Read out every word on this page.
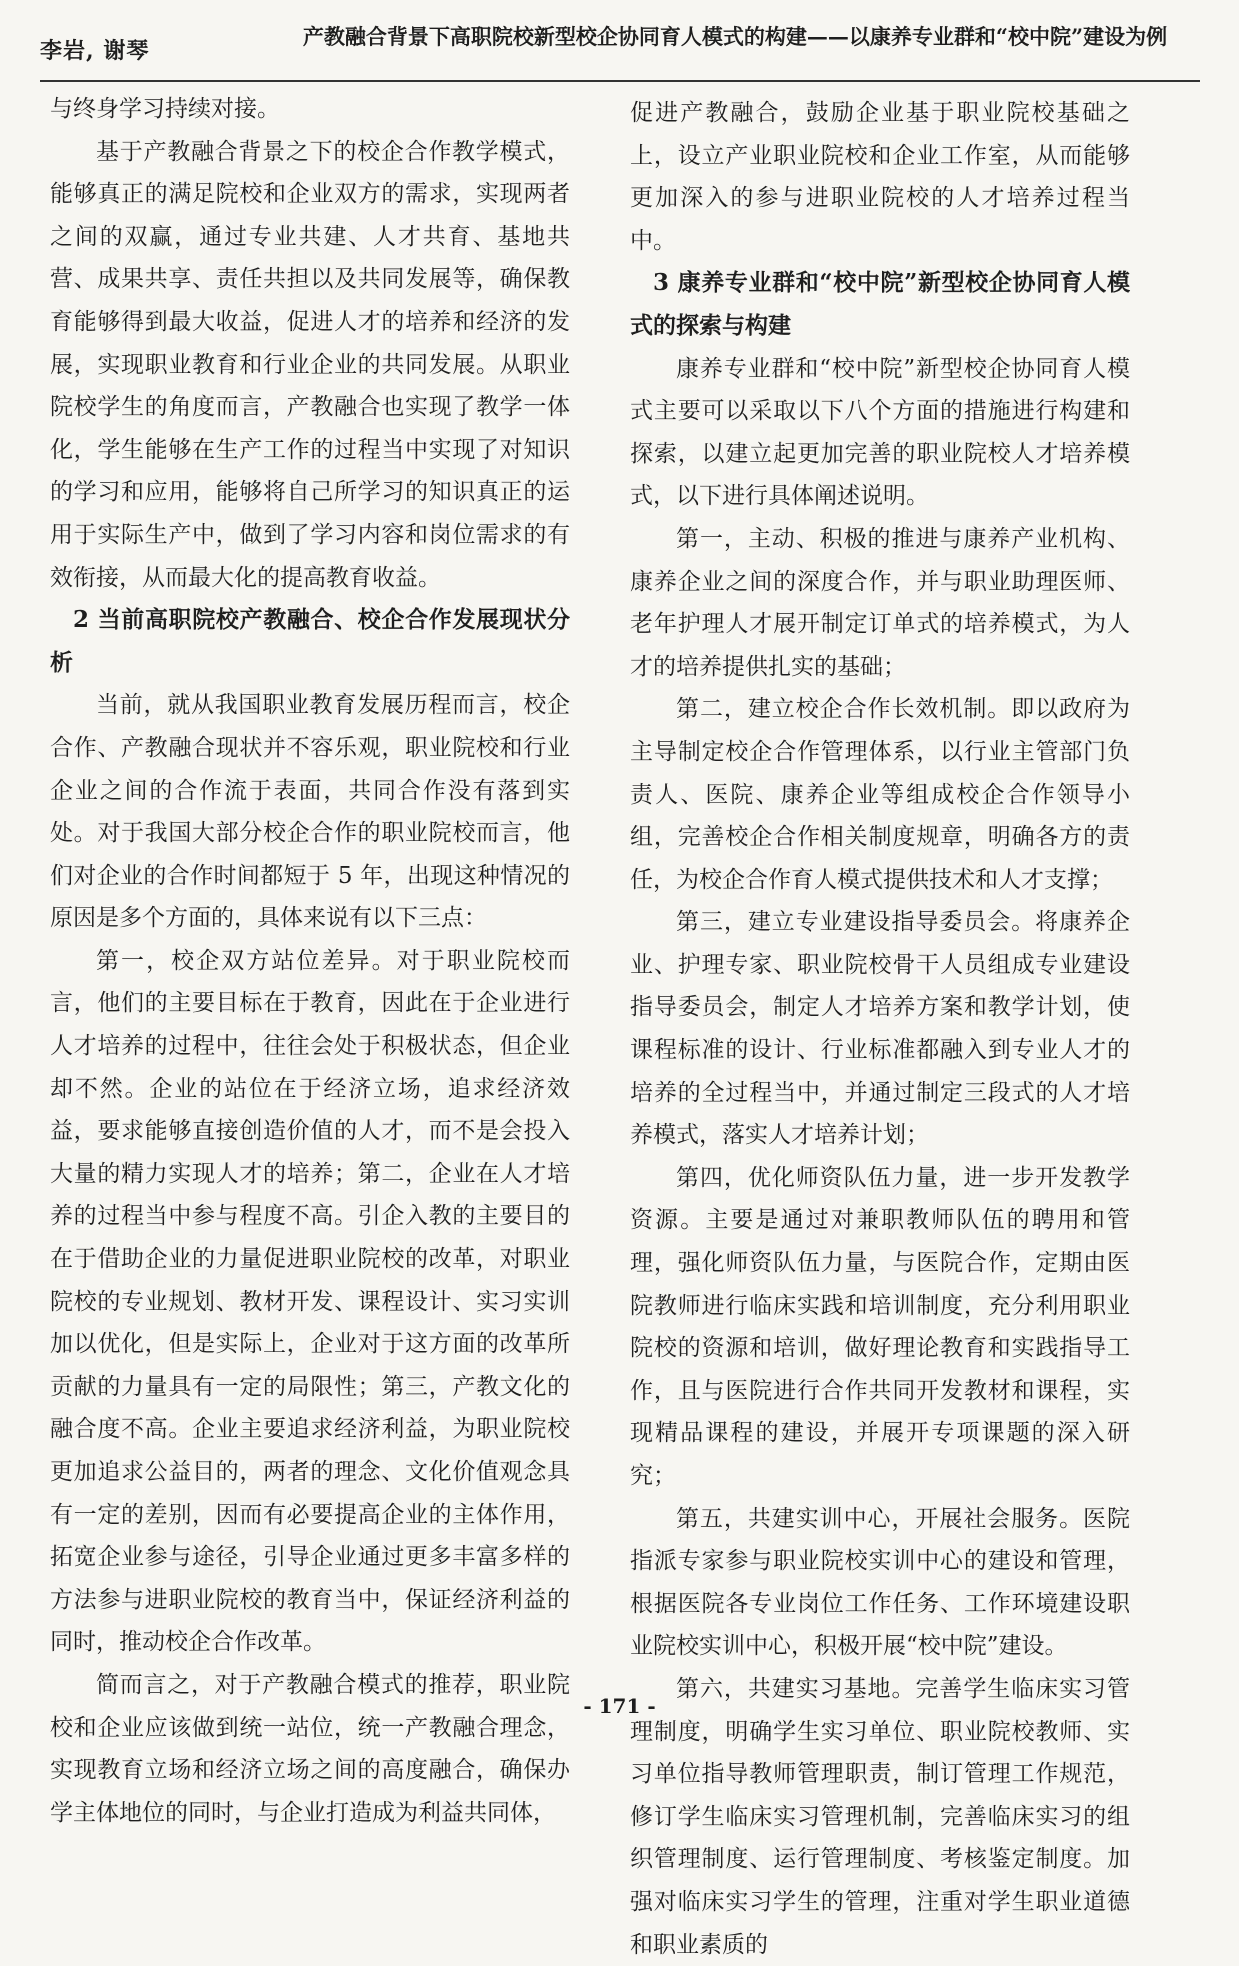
李岩, 谢琴
产教融合背景下高职院校新型校企协同育人模式的构建——以康养专业群和“校中院”建设为例

与终身学习持续对接。

基于产教融合背景之下的校企合作教学模式，能够真正的满足院校和企业双方的需求，实现两者之间的双赢，通过专业共建、人才共育、基地共营、成果共享、责任共担以及共同发展等，确保教育能够得到最大收益，促进人才的培养和经济的发展，实现职业教育和行业企业的共同发展。从职业院校学生的角度而言，产教融合也实现了教学一体化，学生能够在生产工作的过程当中实现了对知识的学习和应用，能够将自己所学习的知识真正的运用于实际生产中，做到了学习内容和岗位需求的有效衔接，从而最大化的提高教育收益。

2 当前高职院校产教融合、校企合作发展现状分析

当前，就从我国职业教育发展历程而言，校企合作、产教融合现状并不容乐观，职业院校和行业企业之间的合作流于表面，共同合作没有落到实处。对于我国大部分校企合作的职业院校而言，他们对企业的合作时间都短于 5 年，出现这种情况的原因是多个方面的，具体来说有以下三点：

第一，校企双方站位差异。对于职业院校而言，他们的主要目标在于教育，因此在于企业进行人才培养的过程中，往往会处于积极状态，但企业却不然。企业的站位在于经济立场，追求经济效益，要求能够直接创造价值的人才，而不是会投入大量的精力实现人才的培养；第二，企业在人才培养的过程当中参与程度不高。引企入教的主要目的在于借助企业的力量促进职业院校的改革，对职业院校的专业规划、教材开发、课程设计、实习实训加以优化，但是实际上，企业对于这方面的改革所贡献的力量具有一定的局限性；第三，产教文化的融合度不高。企业主要追求经济利益，为职业院校更加追求公益目的，两者的理念、文化价值观念具有一定的差别，因而有必要提高企业的主体作用，拓宽企业参与途径，引导企业通过更多丰富多样的方法参与进职业院校的教育当中，保证经济利益的同时，推动校企合作改革。

简而言之，对于产教融合模式的推荐，职业院校和企业应该做到统一站位，统一产教融合理念，实现教育立场和经济立场之间的高度融合，确保办学主体地位的同时，与企业打造成为利益共同体，

促进产教融合，鼓励企业基于职业院校基础之上，设立产业职业院校和企业工作室，从而能够更加深入的参与进职业院校的人才培养过程当中。

3 康养专业群和“校中院”新型校企协同育人模式的探索与构建

康养专业群和“校中院”新型校企协同育人模式主要可以采取以下八个方面的措施进行构建和探索，以建立起更加完善的职业院校人才培养模式，以下进行具体阐述说明。

第一，主动、积极的推进与康养产业机构、康养企业之间的深度合作，并与职业助理医师、老年护理人才展开制定订单式的培养模式，为人才的培养提供扎实的基础；

第二，建立校企合作长效机制。即以政府为主导制定校企合作管理体系，以行业主管部门负责人、医院、康养企业等组成校企合作领导小组，完善校企合作相关制度规章，明确各方的责任，为校企合作育人模式提供技术和人才支撑；

第三，建立专业建设指导委员会。将康养企业、护理专家、职业院校骨干人员组成专业建设指导委员会，制定人才培养方案和教学计划，使课程标准的设计、行业标准都融入到专业人才的培养的全过程当中，并通过制定三段式的人才培养模式，落实人才培养计划；

第四，优化师资队伍力量，进一步开发教学资源。主要是通过对兼职教师队伍的聘用和管理，强化师资队伍力量，与医院合作，定期由医院教师进行临床实践和培训制度，充分利用职业院校的资源和培训，做好理论教育和实践指导工作，且与医院进行合作共同开发教材和课程，实现精品课程的建设，并展开专项课题的深入研究；

第五，共建实训中心，开展社会服务。医院指派专家参与职业院校实训中心的建设和管理，根据医院各专业岗位工作任务、工作环境建设职业院校实训中心，积极开展“校中院”建设。

第六，共建实习基地。完善学生临床实习管理制度，明确学生实习单位、职业院校教师、实习单位指导教师管理职责，制订管理工作规范，修订学生临床实习管理机制，完善临床实习的组织管理制度、运行管理制度、考核鉴定制度。加强对临床实习学生的管理，注重对学生职业道德和职业素质的

- 171 -
